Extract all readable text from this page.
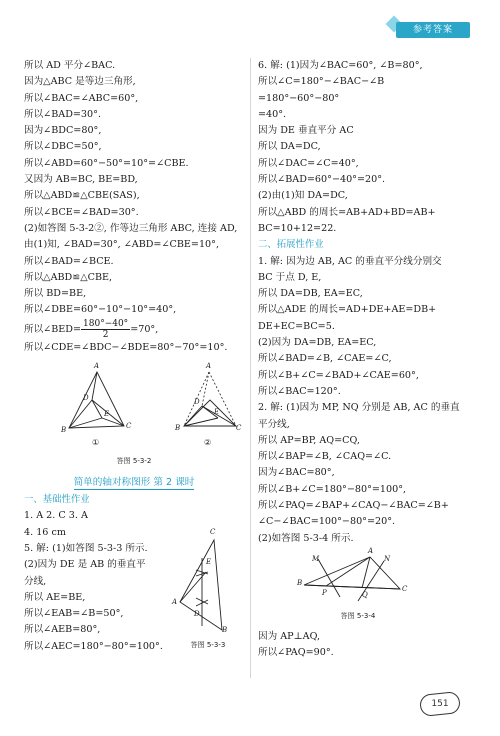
参考答案
所以 AD 平分∠BAC.
因为△ABC 是等边三角形,
所以∠BAC=∠ABC=60°,
所以∠BAD=30°.
因为∠BDC=80°,
所以∠DBC=50°,
所以∠ABD=60°−50°=10°=∠CBE.
又因为 AB=BC, BE=BD,
所以△ABD≌△CBE(SAS),
所以∠BCE=∠BAD=30°.
(2)如答图 5-3-2②, 作等边三角形 ABC, 连接 AD,
由(1)知, ∠BAD=30°, ∠ABD=∠CBE=10°,
所以∠BAD=∠BCE.
所以△ABD≌△CBE,
所以 BD=BE,
所以∠DBE=60°−10°−10°=40°,
所以∠BED= $\frac{180^\circ-40^\circ}{2} =70^\circ$,
所以∠CDE=∠BDC−∠BDE=80°−70°=10°.
A
D
E
B	C
①
A
D
E
B	C
②
答图 5-3-2
简单的轴对称图形 第 2 课时
一、基础性作业
1. A 2. C 3. A
4. 16 cm
5. 解: (1)如答图 5-3-3 所示.
(2)因为 DE 是 AB 的垂直平
分线,
所以 AE=BE,
所以∠EAB=∠B=50°,
所以∠AEB=80°,
所以∠AEC=180°−80°=100°.
C
E
A
D
B
答图 5-3-3
6. 解: (1)因为∠BAC=60°, ∠B=80°,
所以∠C=180°−∠BAC−∠B
=180°−60°−80°
=40°.
因为 DE 垂直平分 AC
所以 DA=DC,
所以∠DAC=∠C=40°,
所以∠BAD=60°−40°=20°.
(2)由(1)知 DA=DC,
所以△ABD 的周长=AB+AD+BD=AB+
BC=10+12=22.
二、拓展性作业
1. 解: 因为边 AB, AC 的垂直平分线分别交
BC 于点 D, E,
所以 DA=DB, EA=EC,
所以△ADE 的周长=AD+DE+AE=DB+
DE+EC=BC=5.
(2)因为 DA=DB, EA=EC,
所以∠BAD=∠B, ∠CAE=∠C,
所以∠B+∠C=∠BAD+∠CAE=60°,
所以∠BAC=120°.
2. 解: (1)因为 MP, NQ 分别是 AB, AC 的垂直
平分线,
所以 AP=BP, AQ=CQ,
所以∠BAP=∠B, ∠CAQ=∠C.
因为∠BAC=80°,
所以∠B+∠C=180°−80°=100°,
所以∠PAQ=∠BAP+∠CAQ−∠BAC=∠B+
∠C−∠BAC=100°−80°=20°.
(2)如答图 5-3-4 所示.
M
A
N
B
P	Q
C
答图 5-3-4
因为 AP⊥AQ,
所以∠PAQ=90°.
151
